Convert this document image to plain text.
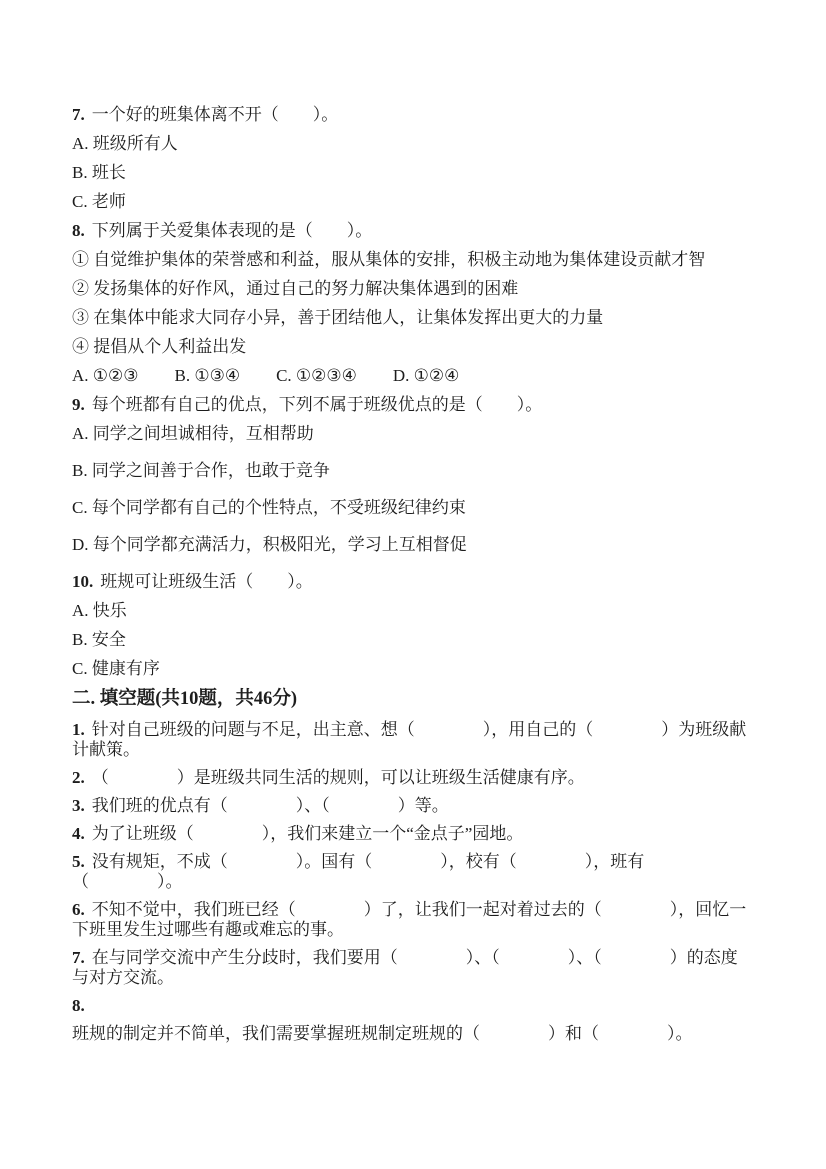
7. 一个好的班集体离不开（　　）。

A. 班级所有人

B. 班长

C. 老师

8. 下列属于关爱集体表现的是（　　）。

① 自觉维护集体的荣誉感和利益，服从集体的安排，积极主动地为集体建设贡献才智

② 发扬集体的好作风，通过自己的努力解决集体遇到的困难

③ 在集体中能求大同存小异，善于团结他人，让集体发挥出更大的力量

④ 提倡从个人利益出发

A. ①②③ B. ①③④ C. ①②③④ D. ①②④

9. 每个班都有自己的优点，下列不属于班级优点的是（　　）。

A. 同学之间坦诚相待，互相帮助

B. 同学之间善于合作，也敢于竞争

C. 每个同学都有自己的个性特点，不受班级纪律约束

D. 每个同学都充满活力，积极阳光，学习上互相督促

10. 班规可让班级生活（　　）。

A. 快乐

B. 安全

C. 健康有序

二. 填空题(共10题，共46分)

1. 针对自己班级的问题与不足，出主意、想（　　　　），用自己的（　　　　）为班级献计献策。

2. （　　　　）是班级共同生活的规则，可以让班级生活健康有序。

3. 我们班的优点有（　　　　）、（　　　　）等。

4. 为了让班级（　　　　），我们来建立一个“金点子”园地。

5. 没有规矩，不成（　　　　）。国有（　　　　），校有（　　　　），班有（　　　　）。

6. 不知不觉中，我们班已经（　　　　）了，让我们一起对着过去的（　　　　），回忆一下班里发生过哪些有趣或难忘的事。

7. 在与同学交流中产生分歧时，我们要用（　　　　）、（　　　　）、（　　　　）的态度与对方交流。

8.

班规的制定并不简单，我们需要掌握班规制定班规的（　　　　）和（　　　　）。
